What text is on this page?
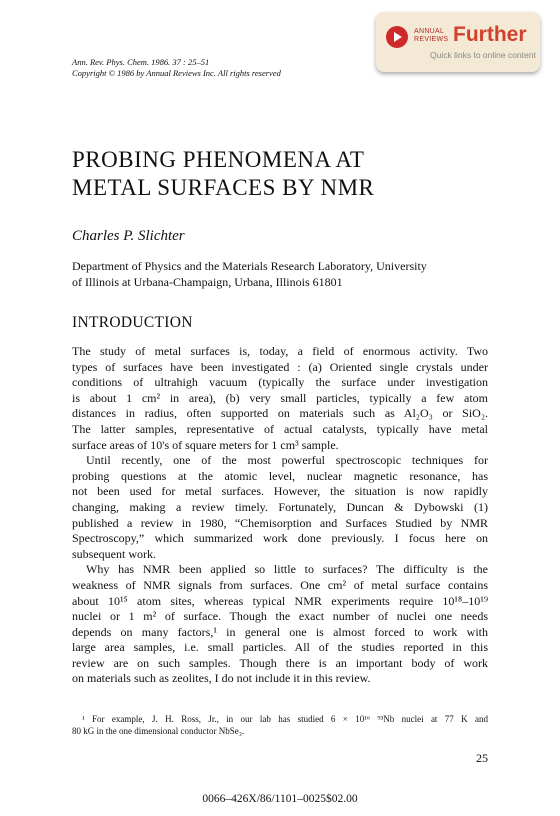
ANNUAL
REVIEWS Further
Quick links to online content
Ann. Rev. Phys. Chem. 1986. 37 : 25–51
Copyright © 1986 by Annual Reviews Inc. All rights reserved
PROBING PHENOMENA AT
METAL SURFACES BY NMR
Charles P. Slichter
Department of Physics and the Materials Research Laboratory, University
of Illinois at Urbana-Champaign, Urbana, Illinois 61801
INTRODUCTION

The study of metal surfaces is, today, a field of enormous activity. Two
types of surfaces have been investigated : (a) Oriented single crystals under
conditions of ultrahigh vacuum (typically the surface under investigation
is about 1 cm² in area), (b) very small particles, typically a few atom
distances in radius, often supported on materials such as Al₂O₃ or SiO₂.
The latter samples, representative of actual catalysts, typically have metal
surface areas of 10's of square meters for 1 cm³ sample.

Until recently, one of the most powerful spectroscopic techniques for
probing questions at the atomic level, nuclear magnetic resonance, has
not been used for metal surfaces. However, the situation is now rapidly
changing, making a review timely. Fortunately, Duncan & Dybowski (1)
published a review in 1980, “Chemisorption and Surfaces Studied by NMR
Spectroscopy,” which summarized work done previously. I focus here on
subsequent work.

Why has NMR been applied so little to surfaces? The difficulty is the
weakness of NMR signals from surfaces. One cm² of metal surface contains
about 10¹⁵ atom sites, whereas typical NMR experiments require 10¹⁸–10¹⁹
nuclei or 1 m² of surface. Though the exact number of nuclei one needs
depends on many factors,¹ in general one is almost forced to work with
large area samples, i.e. small particles. All of the studies reported in this
review are on such samples. Though there is an important body of work
on materials such as zeolites, I do not include it in this review.

¹ For example, J. H. Ross, Jr., in our lab has studied 6 × 10¹⁶ ⁹³Nb nuclei at 77 K and
80 kG in the one dimensional conductor NbSe₃.
25
0066–426X/86/1101–0025$02.00
